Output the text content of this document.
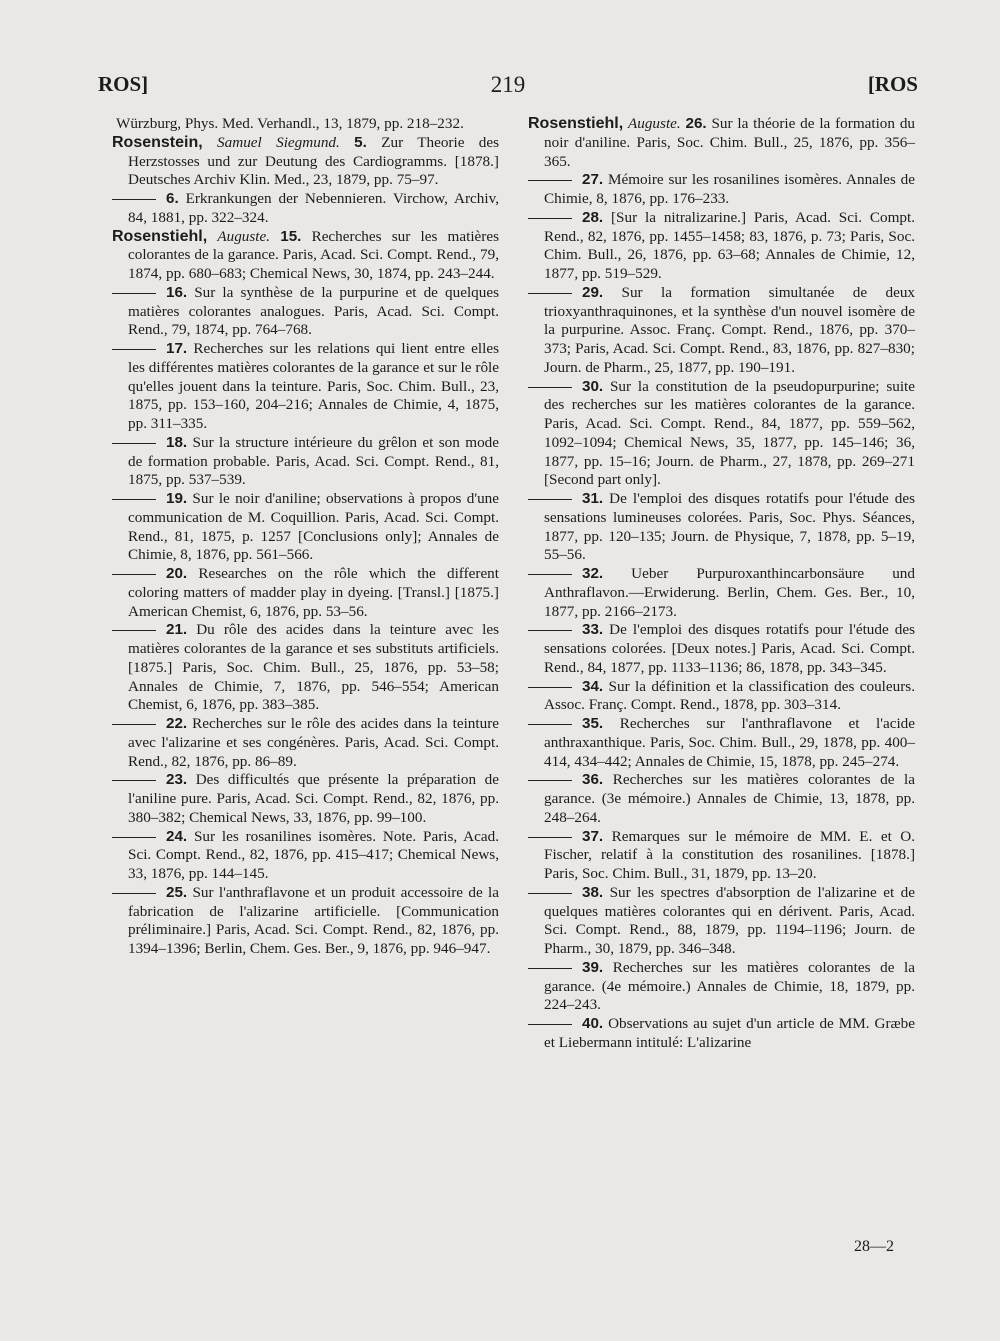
ROS]	219	[ROS

Würzburg, Phys. Med. Verhandl., 13, 1879, pp. 218–232.

Rosenstein, Samuel Siegmund. 5. Zur Theorie des Herzstosses und zur Deutung des Cardiogramms. [1878.] Deutsches Archiv Klin. Med., 23, 1879, pp. 75–97.

6. Erkrankungen der Nebennieren. Virchow, Archiv, 84, 1881, pp. 322–324.

Rosenstiehl, Auguste. 15. Recherches sur les matières colorantes de la garance. Paris, Acad. Sci. Compt. Rend., 79, 1874, pp. 680–683; Chemical News, 30, 1874, pp. 243–244.

16. Sur la synthèse de la purpurine et de quelques matières colorantes analogues. Paris, Acad. Sci. Compt. Rend., 79, 1874, pp. 764–768.

17. Recherches sur les relations qui lient entre elles les différentes matières colorantes de la garance et sur le rôle qu'elles jouent dans la teinture. Paris, Soc. Chim. Bull., 23, 1875, pp. 153–160, 204–216; Annales de Chimie, 4, 1875, pp. 311–335.

18. Sur la structure intérieure du grêlon et son mode de formation probable. Paris, Acad. Sci. Compt. Rend., 81, 1875, pp. 537–539.

19. Sur le noir d'aniline; observations à propos d'une communication de M. Coquillion. Paris, Acad. Sci. Compt. Rend., 81, 1875, p. 1257 [Conclusions only]; Annales de Chimie, 8, 1876, pp. 561–566.

20. Researches on the rôle which the different coloring matters of madder play in dyeing. [Transl.] [1875.] American Chemist, 6, 1876, pp. 53–56.

21. Du rôle des acides dans la teinture avec les matières colorantes de la garance et ses substituts artificiels. [1875.] Paris, Soc. Chim. Bull., 25, 1876, pp. 53–58; Annales de Chimie, 7, 1876, pp. 546–554; American Chemist, 6, 1876, pp. 383–385.

22. Recherches sur le rôle des acides dans la teinture avec l'alizarine et ses congénères. Paris, Acad. Sci. Compt. Rend., 82, 1876, pp. 86–89.

23. Des difficultés que présente la préparation de l'aniline pure. Paris, Acad. Sci. Compt. Rend., 82, 1876, pp. 380–382; Chemical News, 33, 1876, pp. 99–100.

24. Sur les rosanilines isomères. Note. Paris, Acad. Sci. Compt. Rend., 82, 1876, pp. 415–417; Chemical News, 33, 1876, pp. 144–145.

25. Sur l'anthraflavone et un produit accessoire de la fabrication de l'alizarine artificielle. [Communication préliminaire.] Paris, Acad. Sci. Compt. Rend., 82, 1876, pp. 1394–1396; Berlin, Chem. Ges. Ber., 9, 1876, pp. 946–947.

Rosenstiehl, Auguste. 26. Sur la théorie de la formation du noir d'aniline. Paris, Soc. Chim. Bull., 25, 1876, pp. 356–365.

27. Mémoire sur les rosanilines isomères. Annales de Chimie, 8, 1876, pp. 176–233.

28. [Sur la nitralizarine.] Paris, Acad. Sci. Compt. Rend., 82, 1876, pp. 1455–1458; 83, 1876, p. 73; Paris, Soc. Chim. Bull., 26, 1876, pp. 63–68; Annales de Chimie, 12, 1877, pp. 519–529.

29. Sur la formation simultanée de deux trioxyanthraquinones, et la synthèse d'un nouvel isomère de la purpurine. Assoc. Franç. Compt. Rend., 1876, pp. 370–373; Paris, Acad. Sci. Compt. Rend., 83, 1876, pp. 827–830; Journ. de Pharm., 25, 1877, pp. 190–191.

30. Sur la constitution de la pseudopurpurine; suite des recherches sur les matières colorantes de la garance. Paris, Acad. Sci. Compt. Rend., 84, 1877, pp. 559–562, 1092–1094; Chemical News, 35, 1877, pp. 145–146; 36, 1877, pp. 15–16; Journ. de Pharm., 27, 1878, pp. 269–271 [Second part only].

31. De l'emploi des disques rotatifs pour l'étude des sensations lumineuses colorées. Paris, Soc. Phys. Séances, 1877, pp. 120–135; Journ. de Physique, 7, 1878, pp. 5–19, 55–56.

32. Ueber Purpuroxanthincarbonsäure und Anthraflavon.—Erwiderung. Berlin, Chem. Ges. Ber., 10, 1877, pp. 2166–2173.

33. De l'emploi des disques rotatifs pour l'étude des sensations colorées. [Deux notes.] Paris, Acad. Sci. Compt. Rend., 84, 1877, pp. 1133–1136; 86, 1878, pp. 343–345.

34. Sur la définition et la classification des couleurs. Assoc. Franç. Compt. Rend., 1878, pp. 303–314.

35. Recherches sur l'anthraflavone et l'acide anthraxanthique. Paris, Soc. Chim. Bull., 29, 1878, pp. 400–414, 434–442; Annales de Chimie, 15, 1878, pp. 245–274.

36. Recherches sur les matières colorantes de la garance. (3e mémoire.) Annales de Chimie, 13, 1878, pp. 248–264.

37. Remarques sur le mémoire de MM. E. et O. Fischer, relatif à la constitution des rosanilines. [1878.] Paris, Soc. Chim. Bull., 31, 1879, pp. 13–20.

38. Sur les spectres d'absorption de l'alizarine et de quelques matières colorantes qui en dérivent. Paris, Acad. Sci. Compt. Rend., 88, 1879, pp. 1194–1196; Journ. de Pharm., 30, 1879, pp. 346–348.

39. Recherches sur les matières colorantes de la garance. (4e mémoire.) Annales de Chimie, 18, 1879, pp. 224–243.

40. Observations au sujet d'un article de MM. Græbe et Liebermann intitulé: L'alizarine

28—2
